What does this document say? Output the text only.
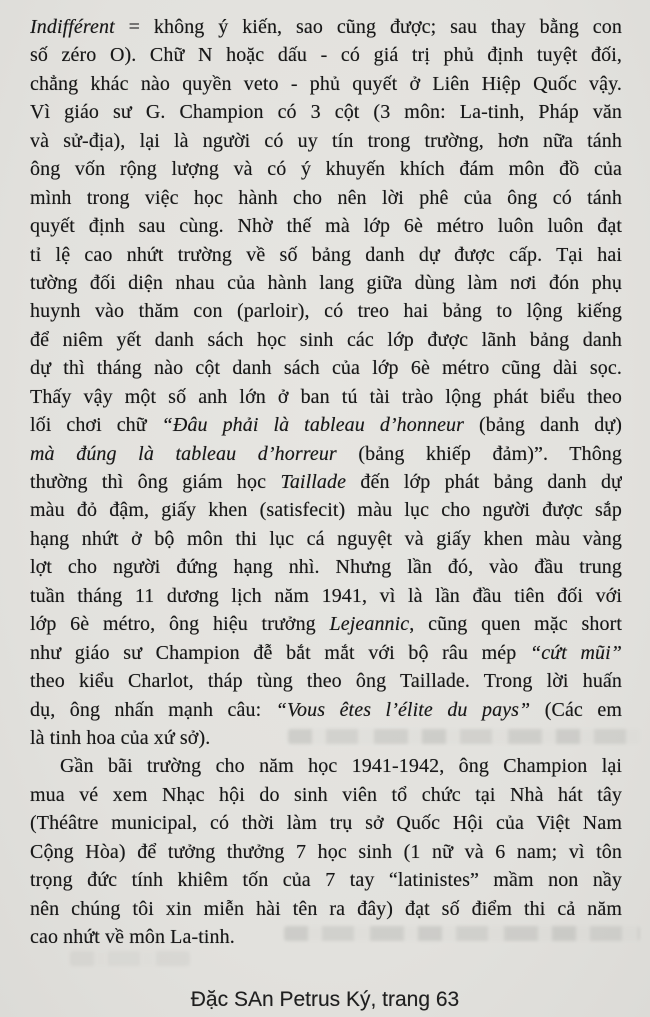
Indifférent = không ý kiến, sao cũng được; sau thay bằng con
số zéro O). Chữ N hoặc dấu - có giá trị phủ định tuyệt đối,
chẳng khác nào quyền veto - phủ quyết ở Liên Hiệp Quốc vậy.
Vì giáo sư G. Champion có 3 cột (3 môn: La-tinh, Pháp văn
và sử-địa), lại là người có uy tín trong trường, hơn nữa tánh
ông vốn rộng lượng và có ý khuyến khích đám môn đồ của
mình trong việc học hành cho nên lời phê của ông có tánh
quyết định sau cùng. Nhờ thế mà lớp 6è métro luôn luôn đạt
tỉ lệ cao nhứt trường về số bảng danh dự được cấp. Tại hai
tường đối diện nhau của hành lang giữa dùng làm nơi đón phụ
huynh vào thăm con (parloir), có treo hai bảng to lộng kiếng
để niêm yết danh sách học sinh các lớp được lãnh bảng danh
dự thì tháng nào cột danh sách của lớp 6è métro cũng dài sọc.
Thấy vậy một số anh lớn ở ban tú tài trào lộng phát biểu theo
lối chơi chữ “Đâu phải là tableau d’honneur (bảng danh dự)
mà đúng là tableau d’horreur (bảng khiếp đảm)”. Thông
thường thì ông giám học Taillade đến lớp phát bảng danh dự
màu đỏ đậm, giấy khen (satisfecit) màu lục cho người được sắp
hạng nhứt ở bộ môn thi lục cá nguyệt và giấy khen màu vàng
lợt cho người đứng hạng nhì. Nhưng lần đó, vào đầu trung
tuần tháng 11 dương lịch năm 1941, vì là lần đầu tiên đối với
lớp 6è métro, ông hiệu trưởng Lejeannic, cũng quen mặc short
như giáo sư Champion đễ bắt mắt với bộ râu mép “cứt mũi”
theo kiểu Charlot, tháp tùng theo ông Taillade. Trong lời huấn
dụ, ông nhấn mạnh câu: “Vous êtes l’élite du pays” (Các em
là tinh hoa của xứ sở).
Gần bãi trường cho năm học 1941-1942, ông Champion lại
mua vé xem Nhạc hội do sinh viên tổ chức tại Nhà hát tây
(Théâtre municipal, có thời làm trụ sở Quốc Hội của Việt Nam
Cộng Hòa) để tưởng thưởng 7 học sinh (1 nữ và 6 nam; vì tôn
trọng đức tính khiêm tốn của 7 tay “latinistes” mầm non nầy
nên chúng tôi xin miễn hài tên ra đây) đạt số điểm thi cả năm
cao nhứt về môn La-tinh.
Đặc SAn Petrus Ký, trang 63
